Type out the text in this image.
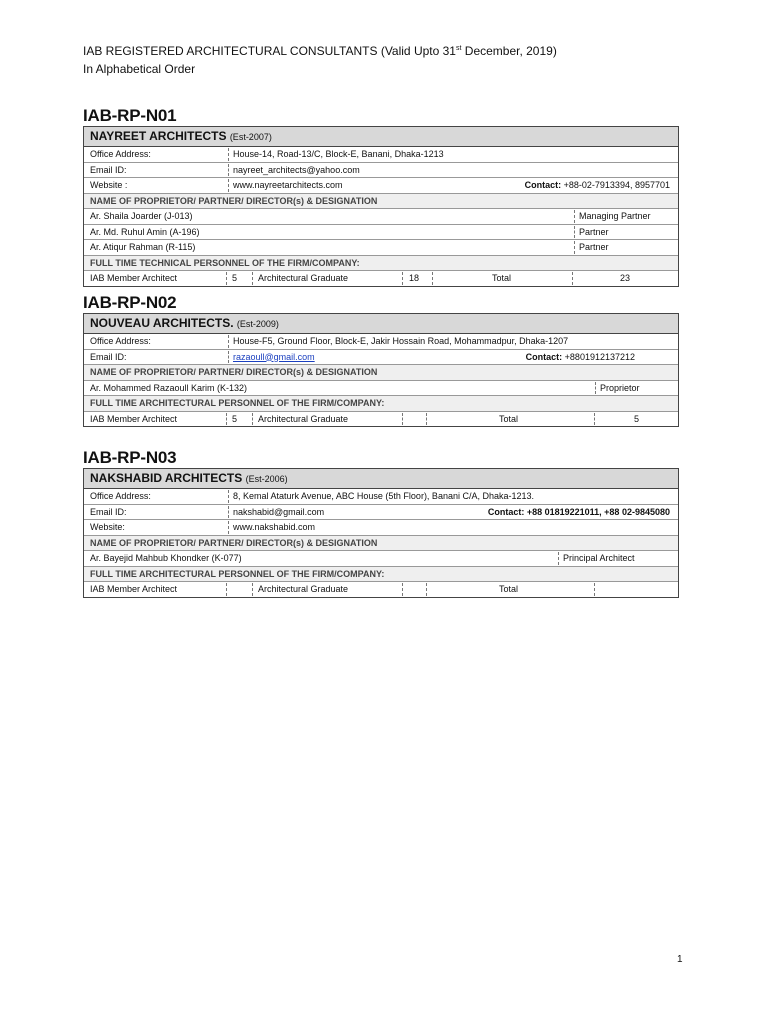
IAB REGISTERED ARCHITECTURAL CONSULTANTS (Valid Upto 31st December, 2019)
In Alphabetical Order
IAB-RP-N01
NAYREET ARCHITECTS (Est-2007)
Office Address:	House-14, Road-13/C, Block-E, Banani, Dhaka-1213
Email ID:	nayreet_architects@yahoo.com
Website :	www.nayreetarchitects.com	Contact: +88-02-7913394, 8957701
NAME OF PROPRIETOR/ PARTNER/ DIRECTOR(s) & DESIGNATION
Ar. Shaila Joarder (J-013)	Managing Partner
Ar. Md. Ruhul Amin (A-196)	Partner
Ar. Atiqur Rahman (R-115)	Partner
FULL TIME TECHNICAL PERSONNEL OF THE FIRM/COMPANY:
IAB Member Architect	5 Architectural Graduate	18	Total	23
IAB-RP-N02
NOUVEAU ARCHITECTS. (Est-2009)
Office Address:	House-F5, Ground Floor, Block-E, Jakir Hossain Road, Mohammadpur, Dhaka-1207
Email ID:	razaoull@gmail.com	Contact: +8801912137212
NAME OF PROPRIETOR/ PARTNER/ DIRECTOR(s) & DESIGNATION
Ar. Mohammed Razaoull Karim (K-132)	Proprietor
FULL TIME ARCHITECTURAL PERSONNEL OF THE FIRM/COMPANY:
IAB Member Architect	5 Architectural Graduate	Total	5
IAB-RP-N03
NAKSHABID ARCHITECTS (Est-2006)
Office Address:	8, Kemal Ataturk Avenue, ABC House (5th Floor), Banani C/A, Dhaka-1213.
Email ID:	nakshabid@gmail.com	Contact: +88 01819221011, +88 02-9845080
Website:	www.nakshabid.com
NAME OF PROPRIETOR/ PARTNER/ DIRECTOR(s) & DESIGNATION
Ar. Bayejid Mahbub Khondker (K-077)	Principal Architect
FULL TIME ARCHITECTURAL PERSONNEL OF THE FIRM/COMPANY:
IAB Member Architect	Architectural Graduate	Total
1
